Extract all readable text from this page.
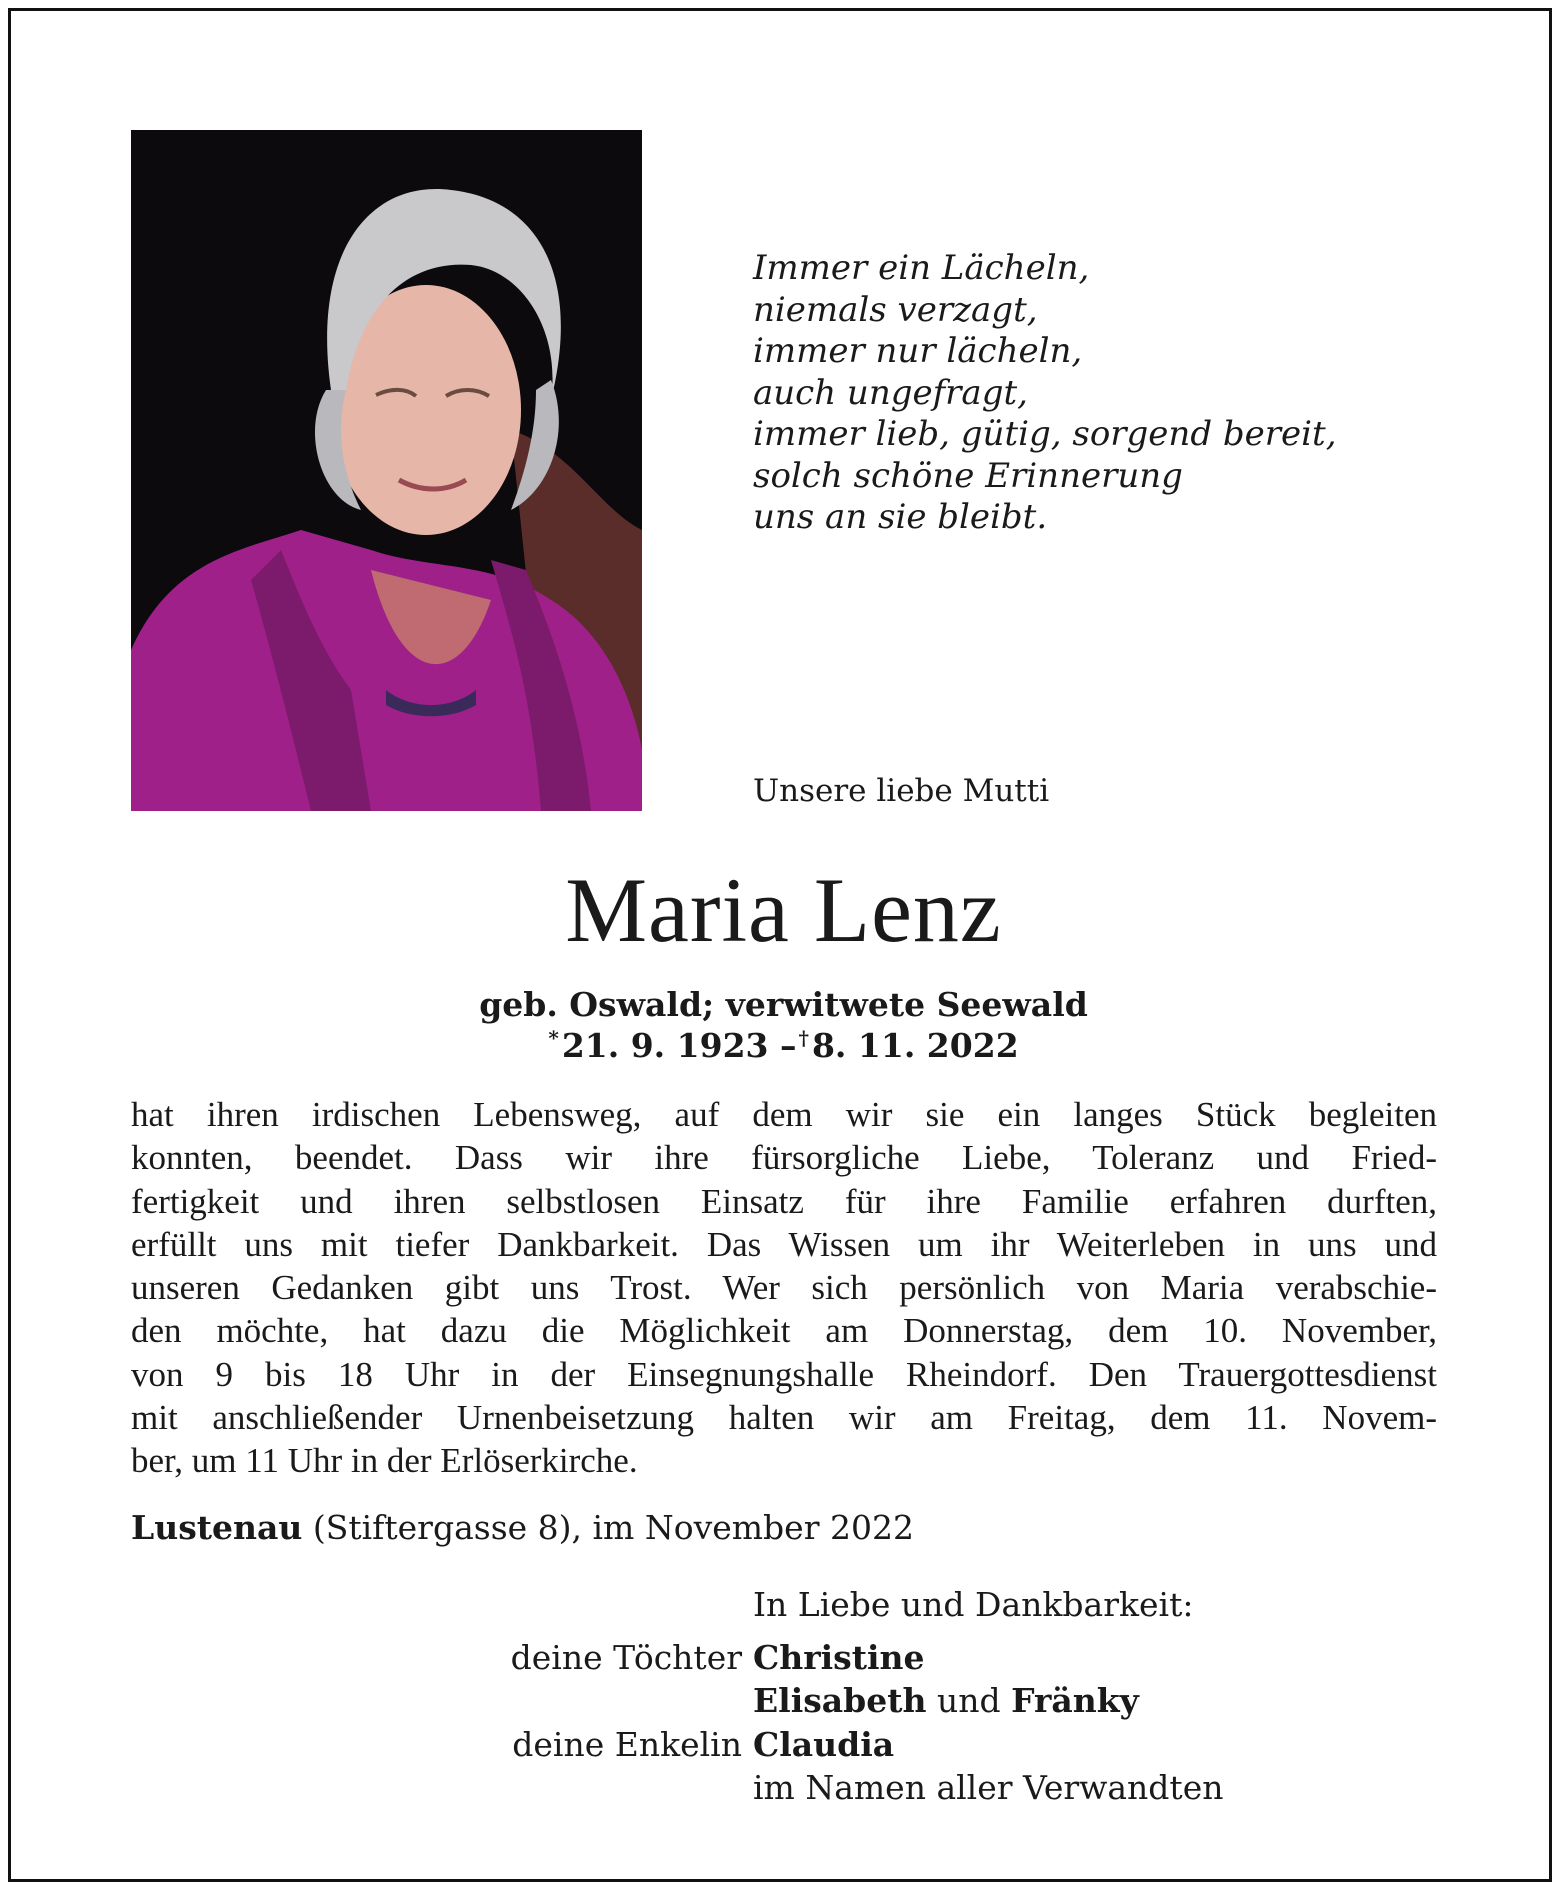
Immer ein Lächeln,
niemals verzagt,
immer nur lächeln,
auch ungefragt,
immer lieb, gütig, sorgend bereit,
solch schöne Erinnerung
uns an sie bleibt.
Unsere liebe Mutti
Maria Lenz
geb. Oswald; verwitwete Seewald
*21. 9. 1923 – †8. 11. 2022
hat ihren irdischen Lebensweg, auf dem wir sie ein langes Stück begleiten
konnten, beendet. Dass wir ihre fürsorgliche Liebe, Toleranz und Fried-
fertigkeit und ihren selbstlosen Einsatz für ihre Familie erfahren durften,
erfüllt uns mit tiefer Dankbarkeit. Das Wissen um ihr Weiterleben in uns und
unseren Gedanken gibt uns Trost. Wer sich persönlich von Maria verabschie-
den möchte, hat dazu die Möglichkeit am Donnerstag, dem 10. November,
von 9 bis 18 Uhr in der Einsegnungshalle Rheindorf. Den Trauergottesdienst
mit anschließender Urnenbeisetzung halten wir am Freitag, dem 11. Novem-
ber, um 11 Uhr in der Erlöserkirche.
Lustenau (Stiftergasse 8), im November 2022
In Liebe und Dankbarkeit:
deine Töchter Christine
Elisabeth und Fränky
deine Enkelin Claudia
im Namen aller Verwandten
